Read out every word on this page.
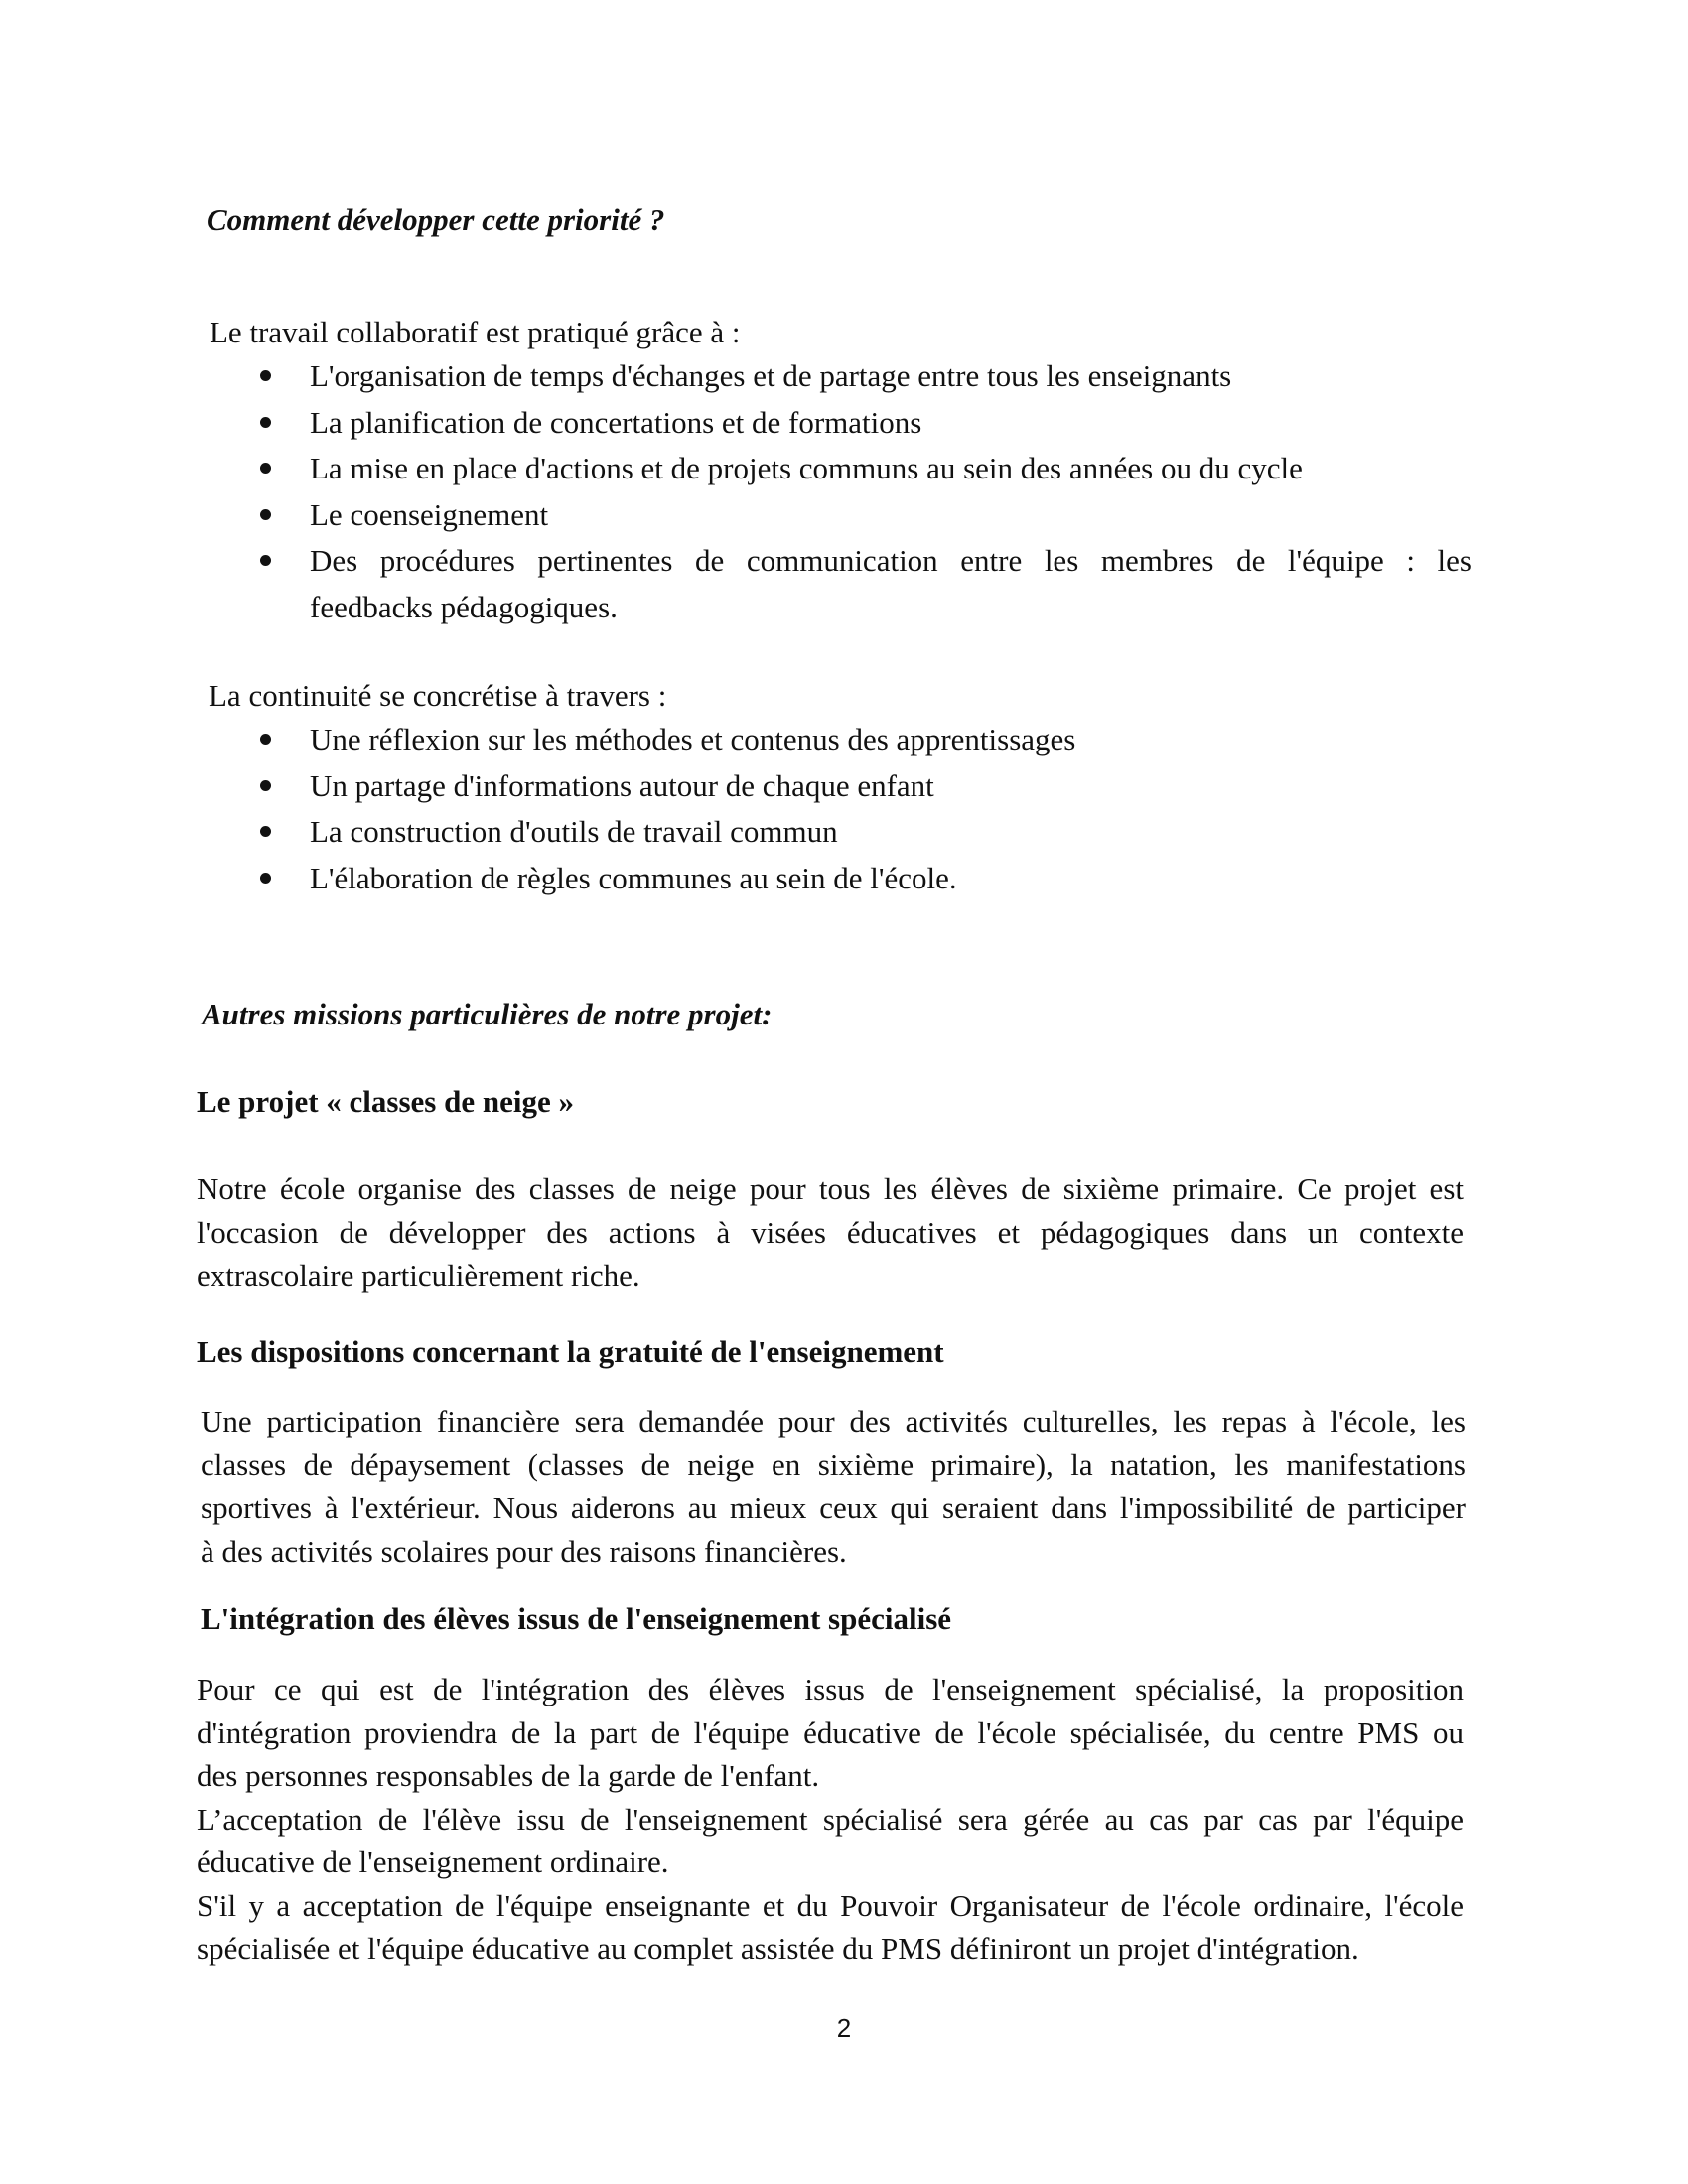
Comment développer cette priorité ?

Le travail collaboratif est pratiqué grâce à :

L'organisation de temps d'échanges et de partage entre tous les enseignants
La planification de concertations et de formations
La mise en place d'actions et de projets communs au sein des années ou du cycle
Le coenseignement
Des procédures pertinentes de communication entre les membres de l'équipe : les
feedbacks pédagogiques.

La continuité se concrétise à travers :

Une réflexion sur les méthodes et contenus des apprentissages
Un partage d'informations autour de chaque enfant
La construction d'outils de travail commun
L'élaboration de règles communes au sein de l'école.

Autres missions particulières de notre projet:

Le projet « classes de neige »

Notre école organise des classes de neige pour tous les élèves de sixième primaire. Ce projet est
l'occasion de développer des actions à visées éducatives et pédagogiques dans un contexte
extrascolaire particulièrement riche.

Les dispositions concernant la gratuité de l'enseignement

Une participation financière sera demandée pour des activités culturelles, les repas à l'école, les
classes de dépaysement (classes de neige en sixième primaire), la natation, les manifestations
sportives à l'extérieur. Nous aiderons au mieux ceux qui seraient dans l'impossibilité de participer
à des activités scolaires pour des raisons financières.

L'intégration des élèves issus de l'enseignement spécialisé

Pour ce qui est de l'intégration des élèves issus de l'enseignement spécialisé, la proposition
d'intégration proviendra de la part de l'équipe éducative de l'école spécialisée, du centre PMS ou
des personnes responsables de la garde de l'enfant.
L’acceptation de l'élève issu de l'enseignement spécialisé sera gérée au cas par cas par l'équipe
éducative de l'enseignement ordinaire.
S'il y a acceptation de l'équipe enseignante et du Pouvoir Organisateur de l'école ordinaire, l'école
spécialisée et l'équipe éducative au complet assistée du PMS définiront un projet d'intégration.
2
